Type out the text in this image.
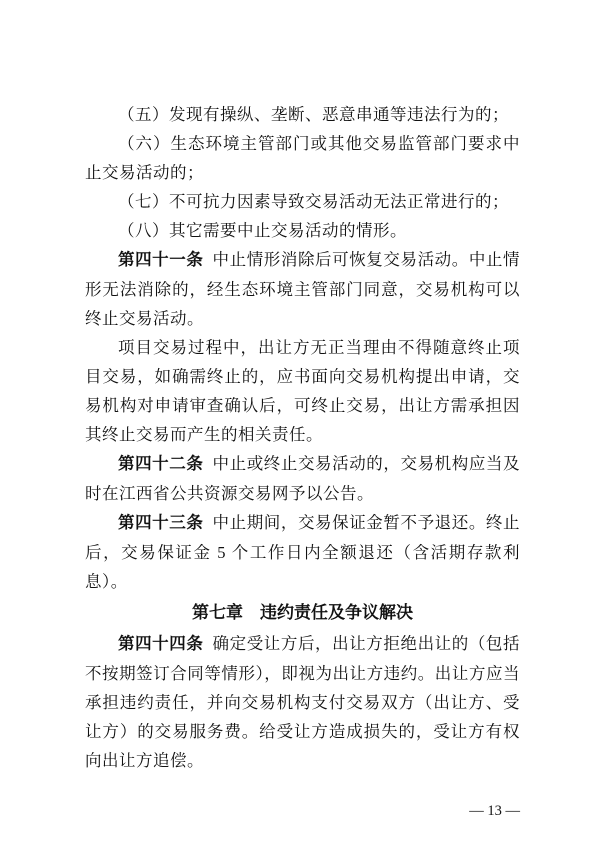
（五）发现有操纵、垄断、恶意串通等违法行为的；

（六）生态环境主管部门或其他交易监管部门要求中止交易活动的；

（七）不可抗力因素导致交易活动无法正常进行的；

（八）其它需要中止交易活动的情形。

第四十一条 中止情形消除后可恢复交易活动。中止情形无法消除的，经生态环境主管部门同意，交易机构可以终止交易活动。

项目交易过程中，出让方无正当理由不得随意终止项目交易，如确需终止的，应书面向交易机构提出申请，交易机构对申请审查确认后，可终止交易，出让方需承担因其终止交易而产生的相关责任。

第四十二条 中止或终止交易活动的，交易机构应当及时在江西省公共资源交易网予以公告。

第四十三条 中止期间，交易保证金暂不予退还。终止后，交易保证金 5 个工作日内全额退还（含活期存款利息）。

第七章 违约责任及争议解决

第四十四条 确定受让方后，出让方拒绝出让的（包括不按期签订合同等情形），即视为出让方违约。出让方应当承担违约责任，并向交易机构支付交易双方（出让方、受让方）的交易服务费。给受让方造成损失的，受让方有权向出让方追偿。

— 13 —
